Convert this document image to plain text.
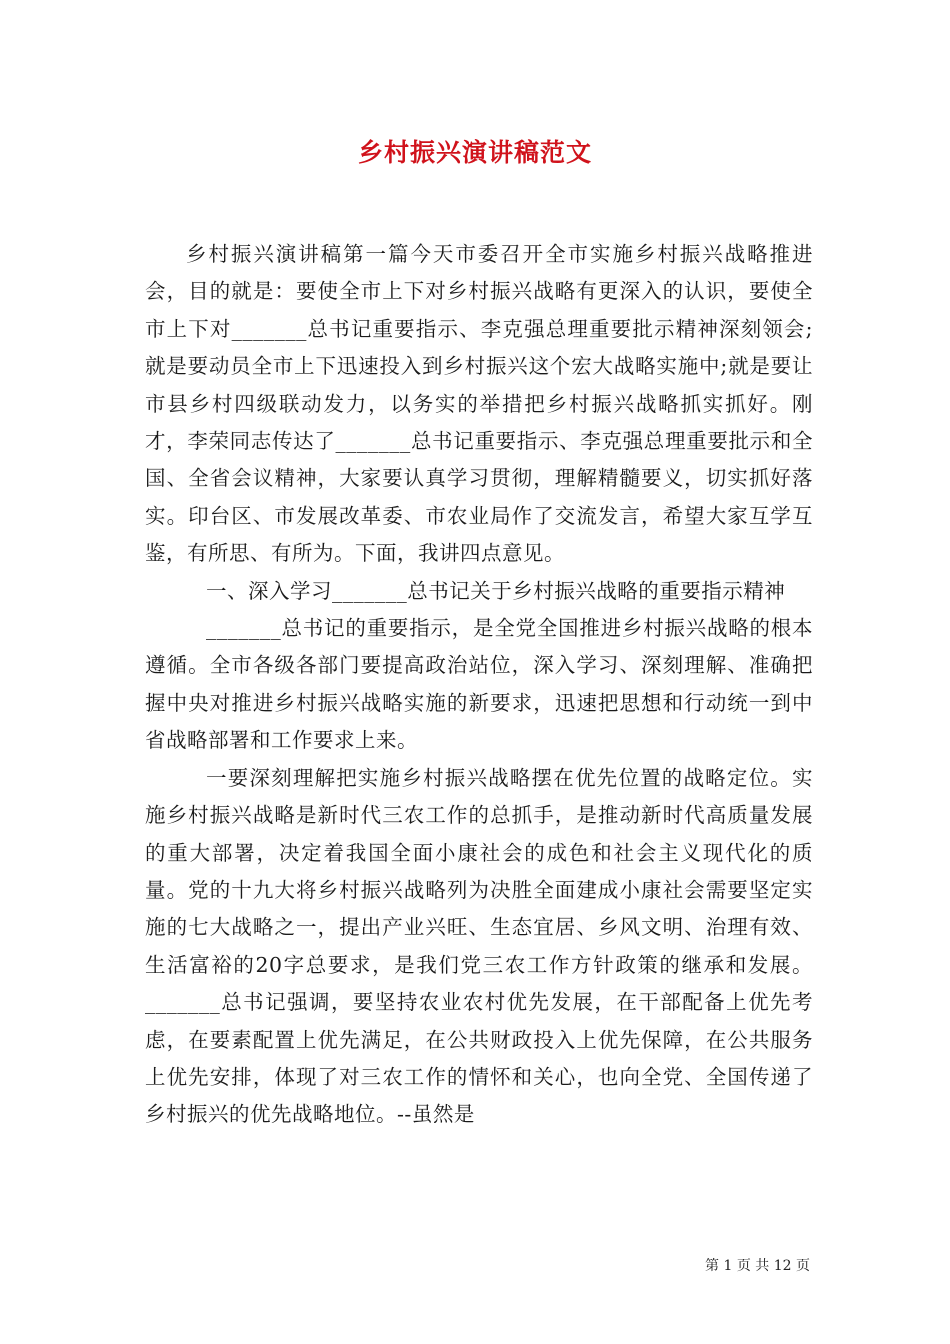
乡村振兴演讲稿范文

乡村振兴演讲稿第一篇今天市委召开全市实施乡村振兴战略推进会，目的就是：要使全市上下对乡村振兴战略有更深入的认识，要使全市上下对_______总书记重要指示、李克强总理重要批示精神深刻领会;就是要动员全市上下迅速投入到乡村振兴这个宏大战略实施中;就是要让市县乡村四级联动发力，以务实的举措把乡村振兴战略抓实抓好。刚才，李荣同志传达了_______总书记重要指示、李克强总理重要批示和全国、全省会议精神，大家要认真学习贯彻，理解精髓要义，切实抓好落实。印台区、市发展改革委、市农业局作了交流发言，希望大家互学互鉴，有所思、有所为。下面，我讲四点意见。

一、深入学习_______总书记关于乡村振兴战略的重要指示精神

_______总书记的重要指示，是全党全国推进乡村振兴战略的根本遵循。全市各级各部门要提高政治站位，深入学习、深刻理解、准确把握中央对推进乡村振兴战略实施的新要求，迅速把思想和行动统一到中省战略部署和工作要求上来。

一要深刻理解把实施乡村振兴战略摆在优先位置的战略定位。实施乡村振兴战略是新时代三农工作的总抓手，是推动新时代高质量发展的重大部署，决定着我国全面小康社会的成色和社会主义现代化的质量。党的十九大将乡村振兴战略列为决胜全面建成小康社会需要坚定实施的七大战略之一，提出产业兴旺、生态宜居、乡风文明、治理有效、生活富裕的20字总要求，是我们党三农工作方针政策的继承和发展。_______总书记强调，要坚持农业农村优先发展，在干部配备上优先考虑，在要素配置上优先满足，在公共财政投入上优先保障，在公共服务上优先安排，体现了对三农工作的情怀和关心，也向全党、全国传递了乡村振兴的优先战略地位。--虽然是

第 1 页 共 12 页
